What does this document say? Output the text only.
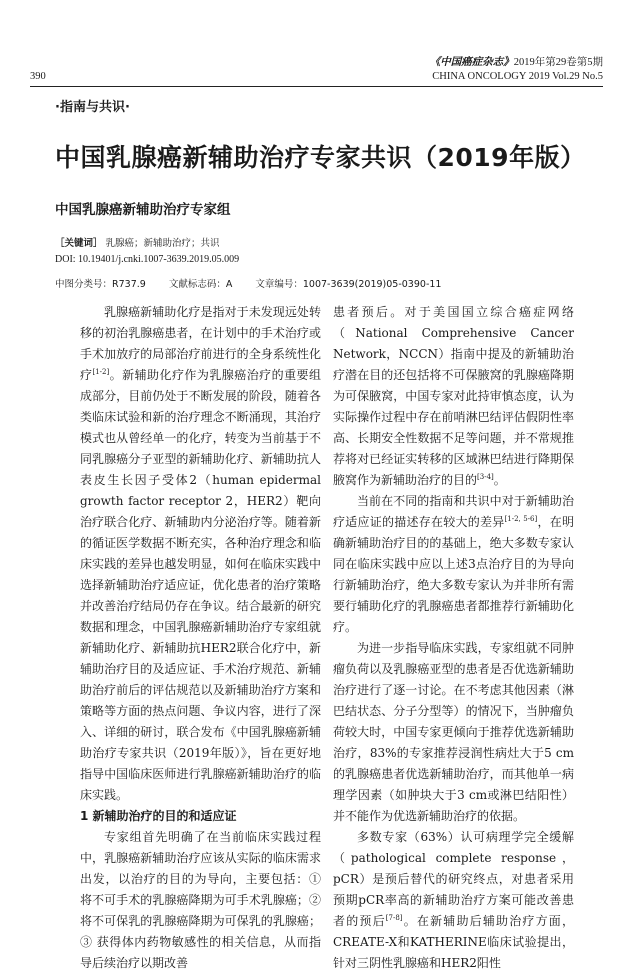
《中国癌症杂志》2019年第29卷第5期
CHINA ONCOLOGY 2019 Vol.29 No.5
390
·指南与共识·
中国乳腺癌新辅助治疗专家共识（2019年版）
中国乳腺癌新辅助治疗专家组
［关键词］ 乳腺癌；新辅助治疗；共识
DOI: 10.19401/j.cnki.1007-3639.2019.05.009
中图分类号：R737.9 文献标志码：A 文章编号：1007-3639(2019)05-0390-11

乳腺癌新辅助化疗是指对于未发现远处转移的初治乳腺癌患者，在计划中的手术治疗或手术加放疗的局部治疗前进行的全身系统性化疗[1-2]。新辅助化疗作为乳腺癌治疗的重要组成部分，目前仍处于不断发展的阶段，随着各类临床试验和新的治疗理念不断涌现，其治疗模式也从曾经单一的化疗，转变为当前基于不同乳腺癌分子亚型的新辅助化疗、新辅助抗人表皮生长因子受体2（human epidermal growth factor receptor 2，HER2）靶向治疗联合化疗、新辅助内分泌治疗等。随着新的循证医学数据不断充实，各种治疗理念和临床实践的差异也越发明显，如何在临床实践中选择新辅助治疗适应证，优化患者的治疗策略并改善治疗结局仍存在争议。结合最新的研究数据和理念，中国乳腺癌新辅助治疗专家组就新辅助化疗、新辅助抗HER2联合化疗中，新辅助治疗目的及适应证、手术治疗规范、新辅助治疗前后的评估规范以及新辅助治疗方案和策略等方面的热点问题、争议内容，进行了深入、详细的研讨，联合发布《中国乳腺癌新辅助治疗专家共识（2019年版）》，旨在更好地指导中国临床医师进行乳腺癌新辅助治疗的临床实践。

1 新辅助治疗的目的和适应证

专家组首先明确了在当前临床实践过程中，乳腺癌新辅助治疗应该从实际的临床需求出发，以治疗的目的为导向，主要包括：① 将不可手术的乳腺癌降期为可手术乳腺癌；② 将不可保乳的乳腺癌降期为可保乳的乳腺癌；③ 获得体内药物敏感性的相关信息，从而指导后续治疗以期改善

患者预后。对于美国国立综合癌症网络（National Comprehensive Cancer Network，NCCN）指南中提及的新辅助治疗潜在目的还包括将不可保腋窝的乳腺癌降期为可保腋窝，中国专家对此持审慎态度，认为实际操作过程中存在前哨淋巴结评估假阴性率高、长期安全性数据不足等问题，并不常规推荐将对已经证实转移的区域淋巴结进行降期保腋窝作为新辅助治疗的目的[3-4]。

当前在不同的指南和共识中对于新辅助治疗适应证的描述存在较大的差异[1-2, 5-6]，在明确新辅助治疗目的的基础上，绝大多数专家认同在临床实践中应以上述3点治疗目的为导向行新辅助治疗，绝大多数专家认为并非所有需要行辅助化疗的乳腺癌患者都推荐行新辅助化疗。

为进一步指导临床实践，专家组就不同肿瘤负荷以及乳腺癌亚型的患者是否优选新辅助治疗进行了逐一讨论。在不考虑其他因素（淋巴结状态、分子分型等）的情况下，当肿瘤负荷较大时，中国专家更倾向于推荐优选新辅助治疗，83%的专家推荐浸润性病灶大于5 cm的乳腺癌患者优选新辅助治疗，而其他单一病理学因素（如肿块大于3 cm或淋巴结阳性）并不能作为优选新辅助治疗的依据。

多数专家（63%）认可病理学完全缓解（pathological complete response，pCR）是预后替代的研究终点，对患者采用预期pCR率高的新辅助治疗方案可能改善患者的预后[7-8]。在新辅助后辅助治疗方面，CREATE-X和KATHERINE临床试验提出，针对三阴性乳腺癌和HER2阳性
